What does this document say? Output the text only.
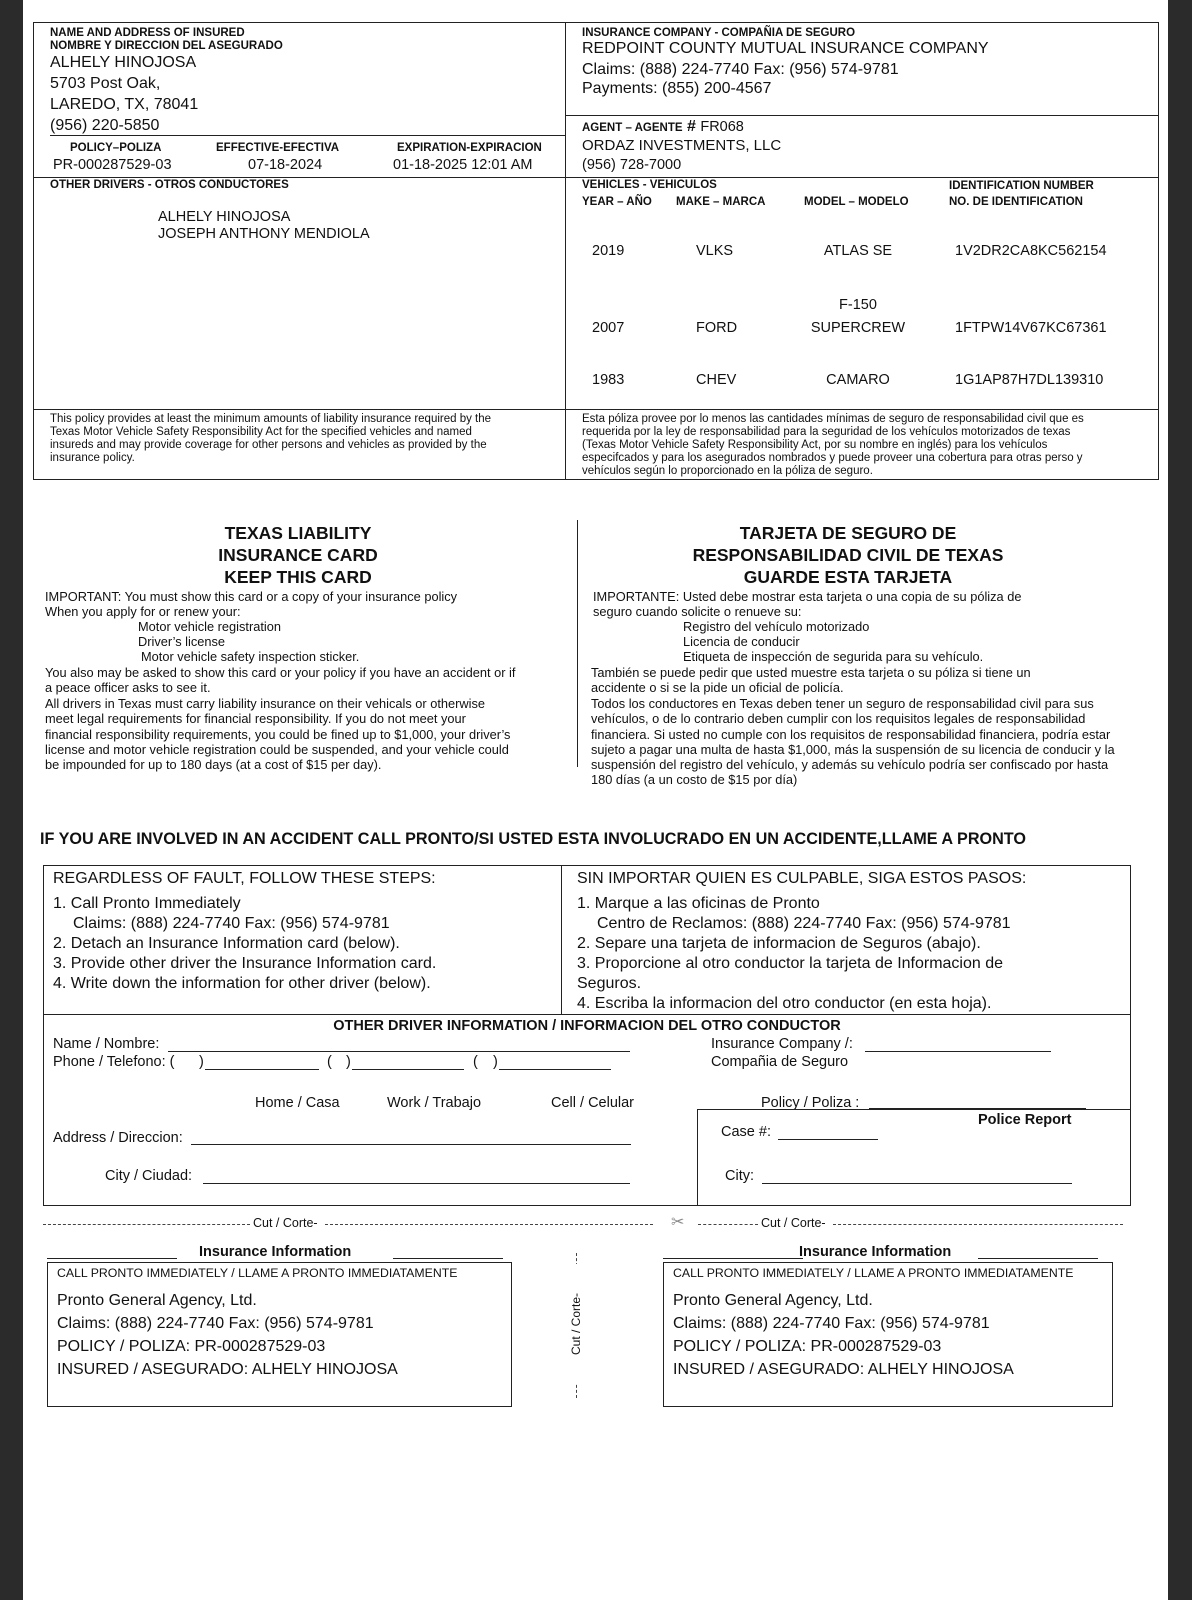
NAME AND ADDRESS OF INSURED
NOMBRE Y DIRECCION DEL ASEGURADO
ALHELY HINOJOSA
5703 Post Oak,
LAREDO, TX, 78041
(956) 220-5850
POLICY–POLIZA
PR-000287529-03
EFFECTIVE-EFECTIVA
07-18-2024
EXPIRATION-EXPIRACION
01-18-2025 12:01 AM
INSURANCE COMPANY - COMPAÑIA DE SEGURO
REDPOINT COUNTY MUTUAL INSURANCE COMPANY
Claims: (888) 224-7740 Fax: (956) 574-9781
Payments: (855) 200-4567
AGENT – AGENTE # FR068
ORDAZ INVESTMENTS, LLC
(956) 728-7000
OTHER DRIVERS - OTROS CONDUCTORES
ALHELY HINOJOSA
JOSEPH ANTHONY MENDIOLA
VEHICLES - VEHICULOS
YEAR – AÑO MAKE – MARCA	MODEL – MODELO
IDENTIFICATION NUMBER
NO. DE IDENTIFICATION
2019	VLKS	ATLAS SE	1V2DR2CA8KC562154
F-150
2007	FORD	SUPERCREW	1FTPW14V67KC67361
1983	CHEV	CAMARO	1G1AP87H7DL139310
This policy provides at least the minimum amounts of liability insurance required by the Texas Motor Vehicle Safety Responsibility Act for the specified vehicles and named insureds and may provide coverage for other persons and vehicles as provided by the insurance policy.
Esta póliza provee por lo menos las cantidades mínimas de seguro de responsabilidad civil que es requerida por la ley de responsabilidad para la seguridad de los vehículos motorizados de texas (Texas Motor Vehicle Safety Responsibility Act, por su nombre en inglés) para los vehículos especifcados y para los asegurados nombrados y puede proveer una cobertura para otras perso y vehículos según lo proporcionado en la póliza de seguro.
TEXAS LIABILITY
INSURANCE CARD
KEEP THIS CARD
IMPORTANT: You must show this card or a copy of your insurance policy
When you apply for or renew your:
Motor vehicle registration
Driver’s license
Motor vehicle safety inspection sticker.
You also may be asked to show this card or your policy if you have an accident or if a peace officer asks to see it.
All drivers in Texas must carry liability insurance on their vehicals or otherwise meet legal requirements for financial responsibility. If you do not meet your financial responsibility requirements, you could be fined up to $1,000, your driver’s license and motor vehicle registration could be suspended, and your vehicle could be impounded for up to 180 days (at a cost of $15 per day).
TARJETA DE SEGURO DE
RESPONSABILIDAD CIVIL DE TEXAS
GUARDE ESTA TARJETA
IMPORTANTE: Usted debe mostrar esta tarjeta o una copia de su póliza de seguro cuando solicite o renueve su:
Registro del vehículo motorizado
Licencia de conducir
Etiqueta de inspección de segurida para su vehículo.
También se puede pedir que usted muestre esta tarjeta o su póliza si tiene un accidente o si se la pide un oficial de policía.
Todos los conductores en Texas deben tener un seguro de responsabilidad civil para sus vehículos, o de lo contrario deben cumplir con los requisitos legales de responsabilidad financiera. Si usted no cumple con los requisitos de responsabilidad financiera, podría estar sujeto a pagar una multa de hasta $1,000, más la suspensión de su licencia de conducir y la suspensión del registro del vehículo, y además su vehículo podría ser confiscado por hasta 180 días (a un costo de $15 por día)
IF YOU ARE INVOLVED IN AN ACCIDENT CALL PRONTO/SI USTED ESTA INVOLUCRADO EN UN ACCIDENTE,LLAME A PRONTO
REGARDLESS OF FAULT, FOLLOW THESE STEPS:
1. Call Pronto Immediately
Claims: (888) 224-7740 Fax: (956) 574-9781
2. Detach an Insurance Information card (below).
3. Provide other driver the Insurance Information card.
4. Write down the information for other driver (below).
SIN IMPORTAR QUIEN ES CULPABLE, SIGA ESTOS PASOS:
1. Marque a las oficinas de Pronto
Centro de Reclamos: (888) 224-7740 Fax: (956) 574-9781
2. Separe una tarjeta de informacion de Seguros (abajo).
3. Proporcione al otro conductor la tarjeta de Informacion de
Seguros.
4. Escriba la informacion del otro conductor (en esta hoja).
OTHER DRIVER INFORMATION / INFORMACION DEL OTRO CONDUCTOR
Name / Nombre:
Phone / Telefono: ( )	( )	( )
Home / Casa	Work / Trabajo	Cell / Celular
Address / Direccion:
City / Ciudad:
Insurance Company /:
Compañia de Seguro
Policy / Poliza :
Police Report
Case #:
City:
Cut / Corte-	✂	Cut / Corte-
Insurance Information
CALL PRONTO IMMEDIATELY / LLAME A PRONTO IMMEDIATAMENTE
Pronto General Agency, Ltd.
Claims: (888) 224-7740 Fax: (956) 574-9781
POLICY / POLIZA: PR-000287529-03
INSURED / ASEGURADO: ALHELY HINOJOSA
Cut / Corte-
Insurance Information
CALL PRONTO IMMEDIATELY / LLAME A PRONTO IMMEDIATAMENTE
Pronto General Agency, Ltd.
Claims: (888) 224-7740 Fax: (956) 574-9781
POLICY / POLIZA: PR-000287529-03
INSURED / ASEGURADO: ALHELY HINOJOSA
